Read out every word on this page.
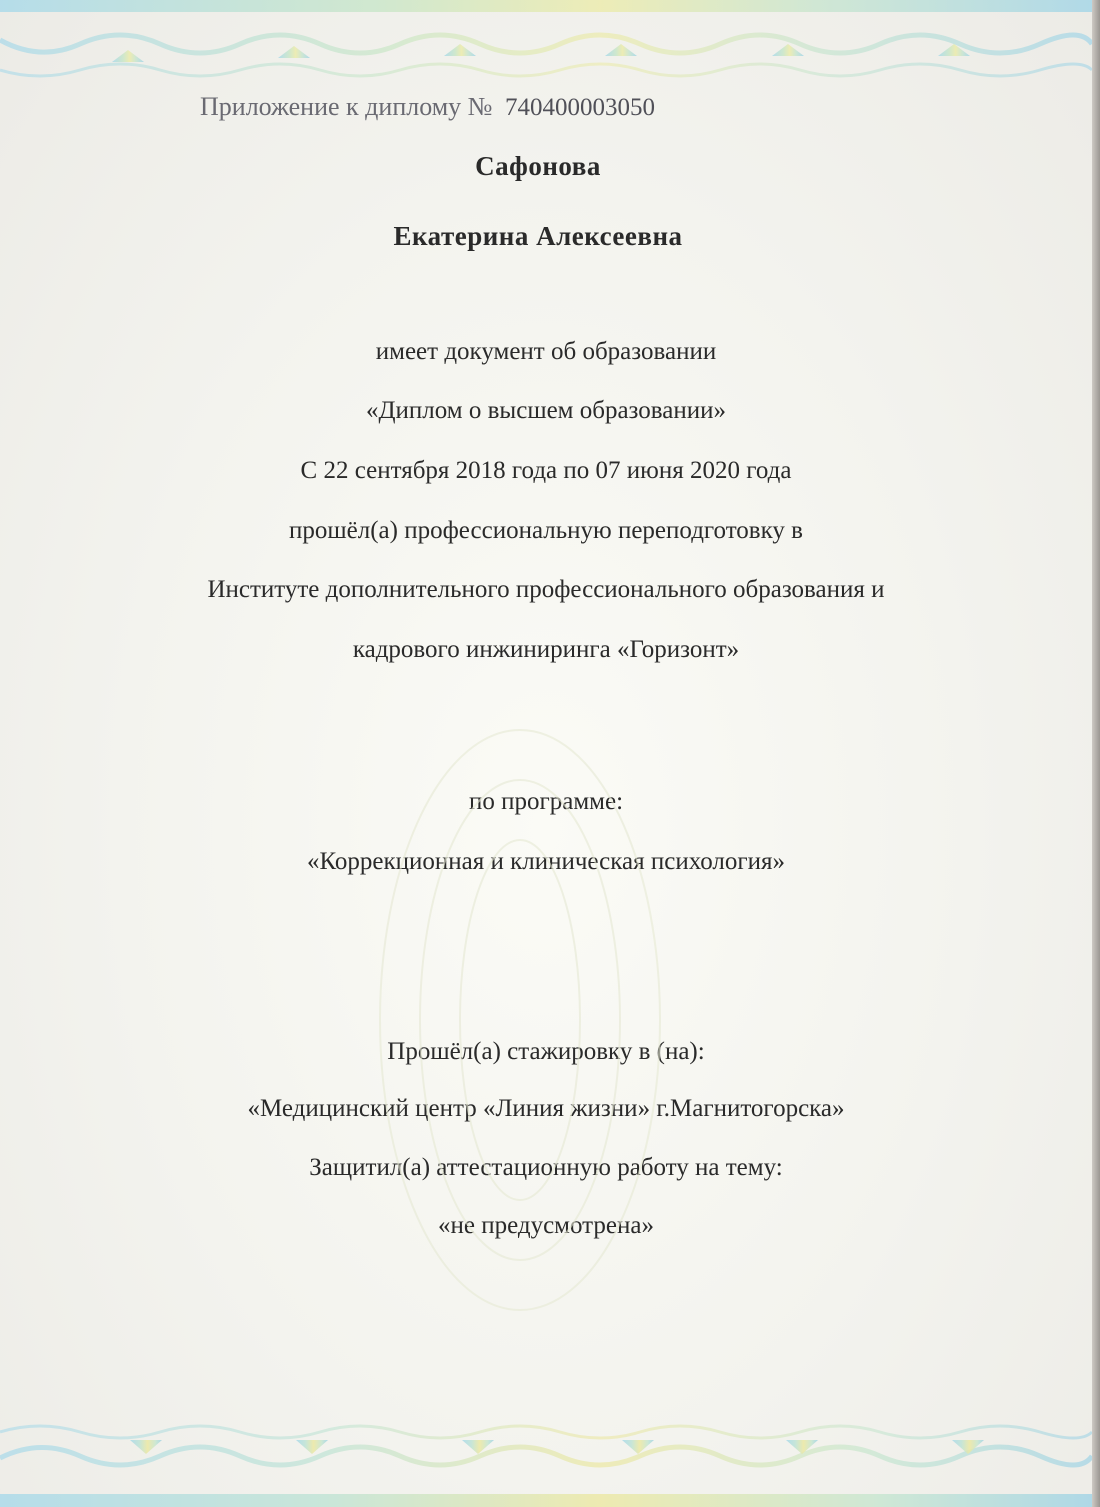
Приложение к диплому № 740400003050
Сафонова
Екатерина Алексеевна
имеет документ об образовании
«Диплом о высшем образовании»
С 22 сентября 2018 года по 07 июня 2020 года
прошёл(а) профессиональную переподготовку в
Институте дополнительного профессионального образования и
кадрового инжиниринга «Горизонт»
по программе:
«Коррекционная и клиническая психология»
Прошёл(а) стажировку в (на):
«Медицинский центр «Линия жизни» г.Магнитогорска»
Защитил(а) аттестационную работу на тему:
«не предусмотрена»
